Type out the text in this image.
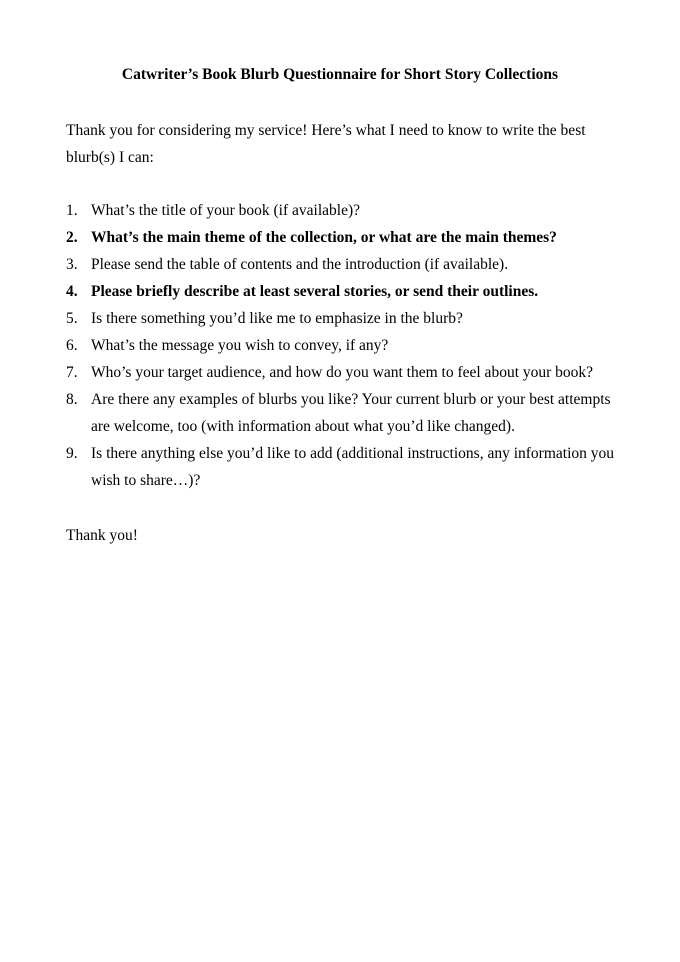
Catwriter’s Book Blurb Questionnaire for Short Story Collections

Thank you for considering my service! Here’s what I need to know to write the best blurb(s) I can:

1. What’s the title of your book (if available)?
2. What’s the main theme of the collection, or what are the main themes?
3. Please send the table of contents and the introduction (if available).
4. Please briefly describe at least several stories, or send their outlines.
5. Is there something you’d like me to emphasize in the blurb?
6. What’s the message you wish to convey, if any?
7. Who’s your target audience, and how do you want them to feel about your book?
8. Are there any examples of blurbs you like? Your current blurb or your best attempts are welcome, too (with information about what you’d like changed).
9. Is there anything else you’d like to add (additional instructions, any information you wish to share…)?

Thank you!
